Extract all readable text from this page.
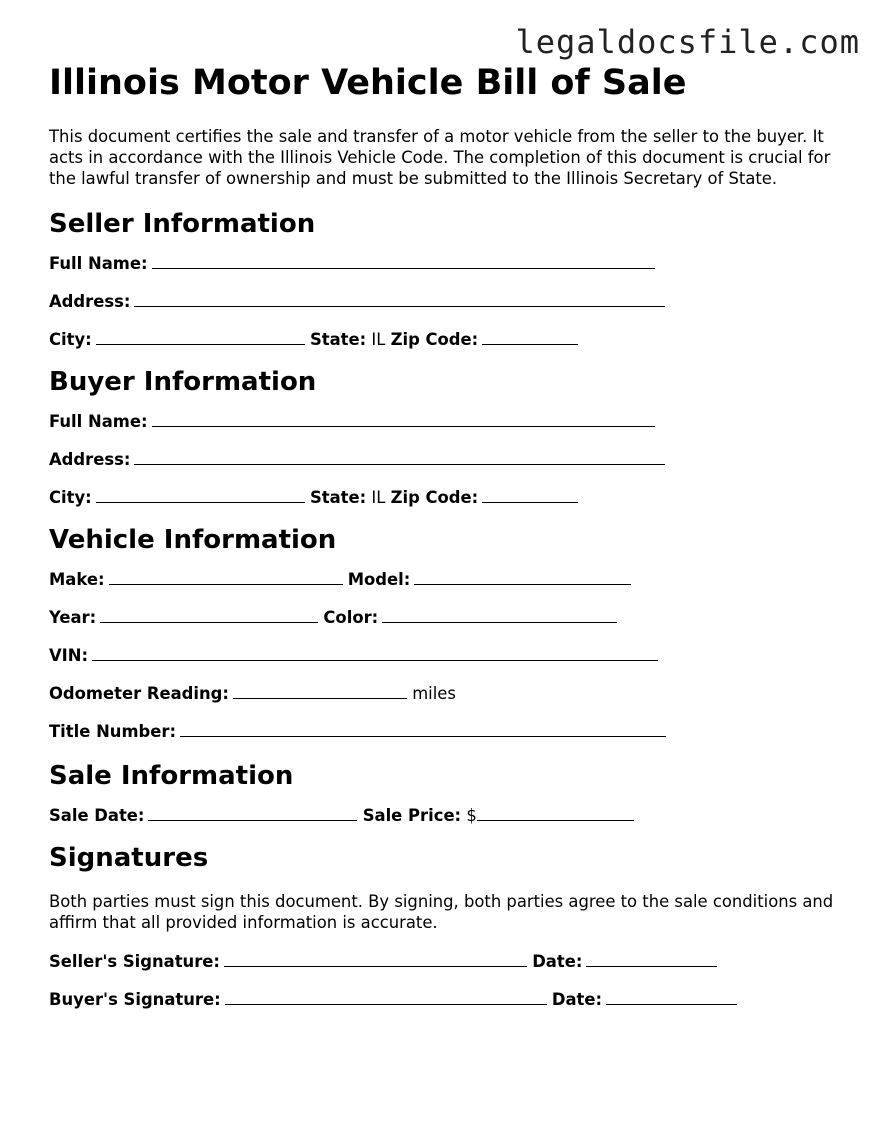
legaldocsfile.com
Illinois Motor Vehicle Bill of Sale

This document certifies the sale and transfer of a motor vehicle from the seller to the buyer. It acts in accordance with the Illinois Vehicle Code. The completion of this document is crucial for the lawful transfer of ownership and must be submitted to the Illinois Secretary of State.

Seller Information
Full Name:
Address:
City:	State: IL Zip Code:
Buyer Information
Full Name:
Address:
City:	State: IL Zip Code:
Vehicle Information
Make:	Model:
Year:	Color:
VIN:
Odometer Reading:	miles
Title Number:
Sale Information
Sale Date:	Sale Price: $
Signatures

Both parties must sign this document. By signing, both parties agree to the sale conditions and affirm that all provided information is accurate.

Seller's Signature:	Date:
Buyer's Signature:	Date:
